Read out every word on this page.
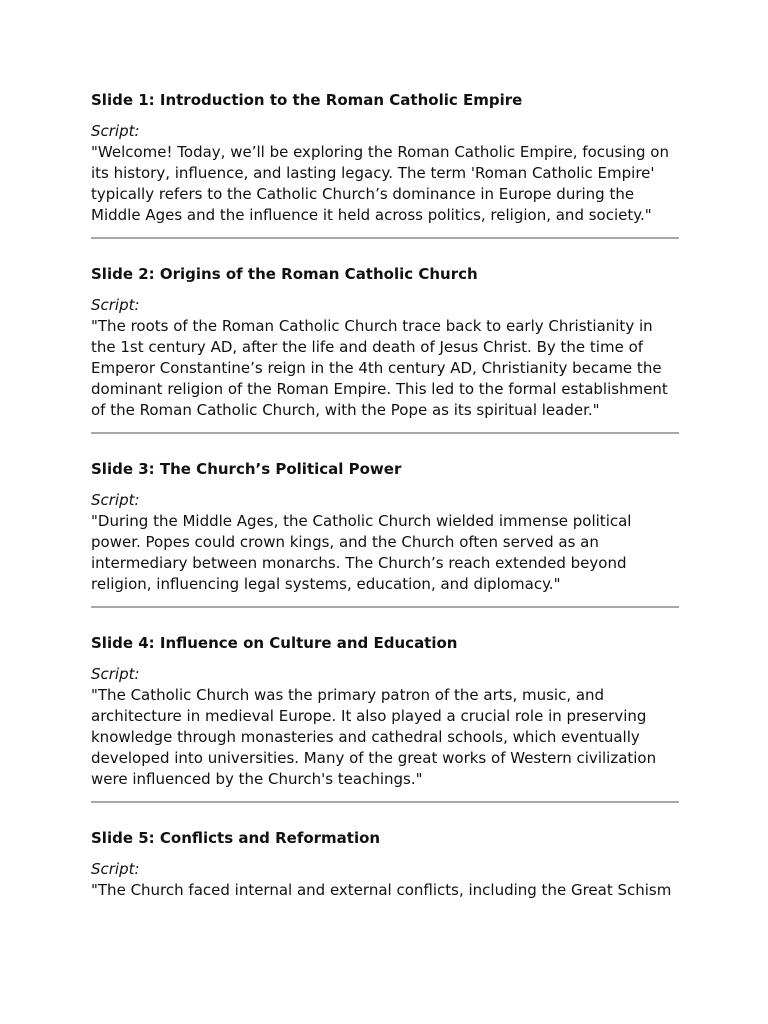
Slide 1: Introduction to the Roman Catholic Empire

Script:

"Welcome! Today, we’ll be exploring the Roman Catholic Empire, focusing on its history, influence, and lasting legacy. The term 'Roman Catholic Empire' typically refers to the Catholic Church’s dominance in Europe during the Middle Ages and the influence it held across politics, religion, and society."

Slide 2: Origins of the Roman Catholic Church

Script:

"The roots of the Roman Catholic Church trace back to early Christianity in the 1st century AD, after the life and death of Jesus Christ. By the time of Emperor Constantine’s reign in the 4th century AD, Christianity became the dominant religion of the Roman Empire. This led to the formal establishment of the Roman Catholic Church, with the Pope as its spiritual leader."

Slide 3: The Church’s Political Power

Script:

"During the Middle Ages, the Catholic Church wielded immense political power. Popes could crown kings, and the Church often served as an intermediary between monarchs. The Church’s reach extended beyond religion, influencing legal systems, education, and diplomacy."

Slide 4: Influence on Culture and Education

Script:

"The Catholic Church was the primary patron of the arts, music, and architecture in medieval Europe. It also played a crucial role in preserving knowledge through monasteries and cathedral schools, which eventually developed into universities. Many of the great works of Western civilization were influenced by the Church's teachings."

Slide 5: Conflicts and Reformation

Script:

"The Church faced internal and external conflicts, including the Great Schism
